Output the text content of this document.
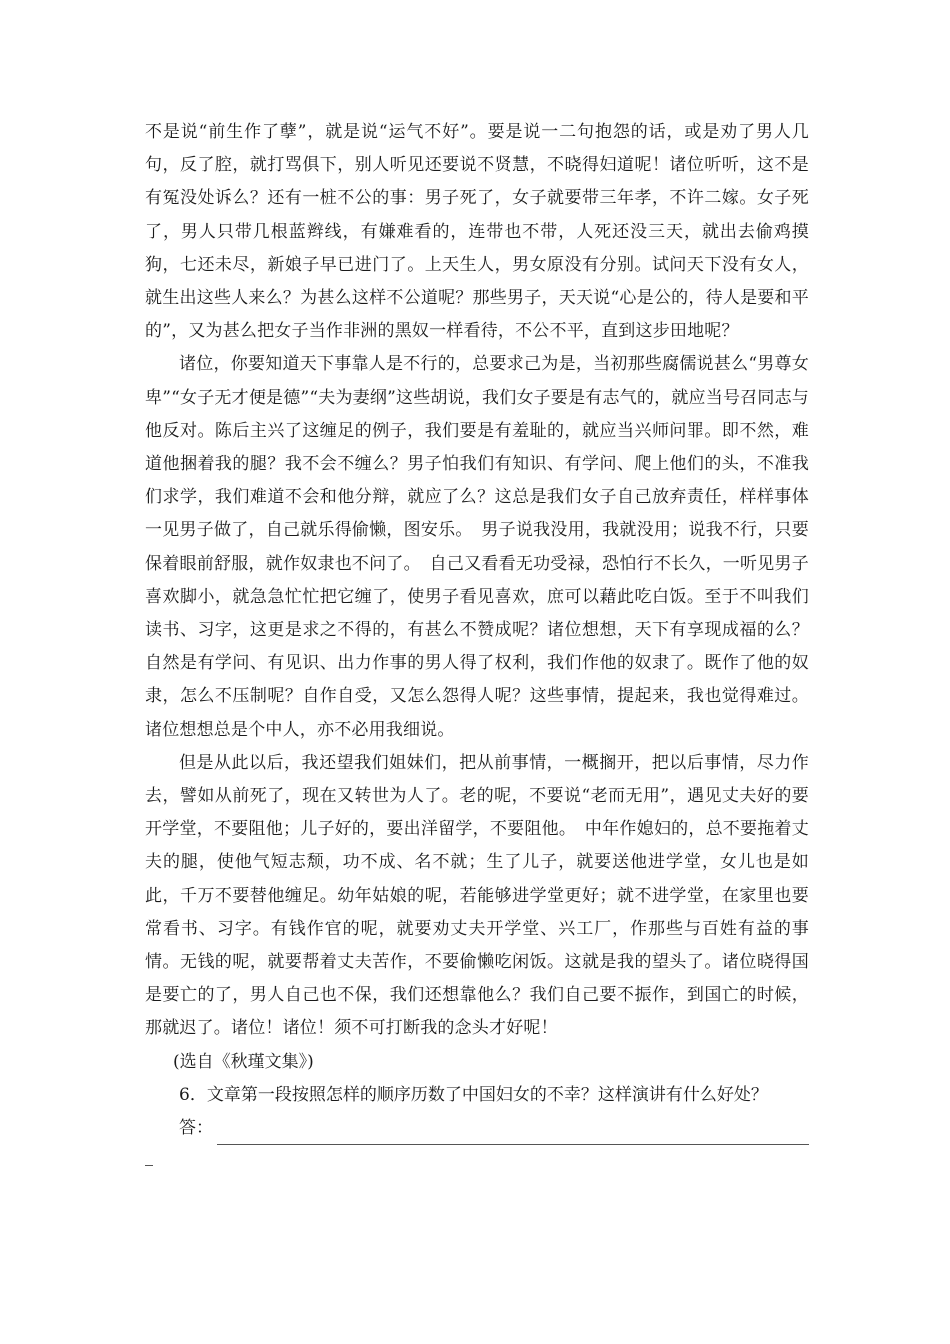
不是说“前生作了孽”，就是说“运气不好”。要是说一二句抱怨的话，或是劝了男人几句，反了腔，就打骂俱下，别人听见还要说不贤慧，不晓得妇道呢！诸位听听，这不是有冤没处诉么？还有一桩不公的事：男子死了，女子就要带三年孝，不许二嫁。女子死了，男人只带几根蓝辫线，有嫌难看的，连带也不带，人死还没三天，就出去偷鸡摸狗，七还未尽，新娘子早已进门了。上天生人，男女原没有分别。试问天下没有女人，就生出这些人来么？为甚么这样不公道呢？那些男子，天天说“心是公的，待人是要和平的”，又为甚么把女子当作非洲的黑奴一样看待，不公不平，直到这步田地呢？

诸位，你要知道天下事靠人是不行的，总要求己为是，当初那些腐儒说甚么“男尊女卑”“女子无才便是德”“夫为妻纲”这些胡说，我们女子要是有志气的，就应当号召同志与他反对。陈后主兴了这缠足的例子，我们要是有羞耻的，就应当兴师问罪。即不然，难道他捆着我的腿？我不会不缠么？男子怕我们有知识、有学问、爬上他们的头，不准我们求学，我们难道不会和他分辩，就应了么？这总是我们女子自己放弃责任，样样事体一见男子做了，自己就乐得偷懒，图安乐。　男子说我没用，我就没用；说我不行，只要保着眼前舒服，就作奴隶也不问了。　自己又看看无功受禄，恐怕行不长久，一听见男子喜欢脚小，就急急忙忙把它缠了，使男子看见喜欢，庶可以藉此吃白饭。至于不叫我们读书、习字，这更是求之不得的，有甚么不赞成呢？诸位想想，天下有享现成福的么？　自然是有学问、有见识、出力作事的男人得了权利，我们作他的奴隶了。既作了他的奴隶，怎么不压制呢？自作自受，又怎么怨得人呢？这些事情，提起来，我也觉得难过。诸位想想总是个中人，亦不必用我细说。

但是从此以后，我还望我们姐妹们，把从前事情，一概搁开，把以后事情，尽力作去，譬如从前死了，现在又转世为人了。老的呢，不要说“老而无用”，遇见丈夫好的要开学堂，不要阻他；儿子好的，要出洋留学，不要阻他。　中年作媳妇的，总不要拖着丈夫的腿，使他气短志颓，功不成、名不就；生了儿子，就要送他进学堂，女儿也是如此，千万不要替他缠足。幼年姑娘的呢，若能够进学堂更好；就不进学堂，在家里也要常看书、习字。有钱作官的呢，就要劝丈夫开学堂、兴工厂，作那些与百姓有益的事情。无钱的呢，就要帮着丈夫苦作，不要偷懒吃闲饭。这就是我的望头了。诸位晓得国是要亡的了，男人自己也不保，我们还想靠他么？我们自己要不振作，到国亡的时候，那就迟了。诸位！诸位！须不可打断我的念头才好呢！

(选自《秋瑾文集》)

6．文章第一段按照怎样的顺序历数了中国妇女的不幸？这样演讲有什么好处？

答：
